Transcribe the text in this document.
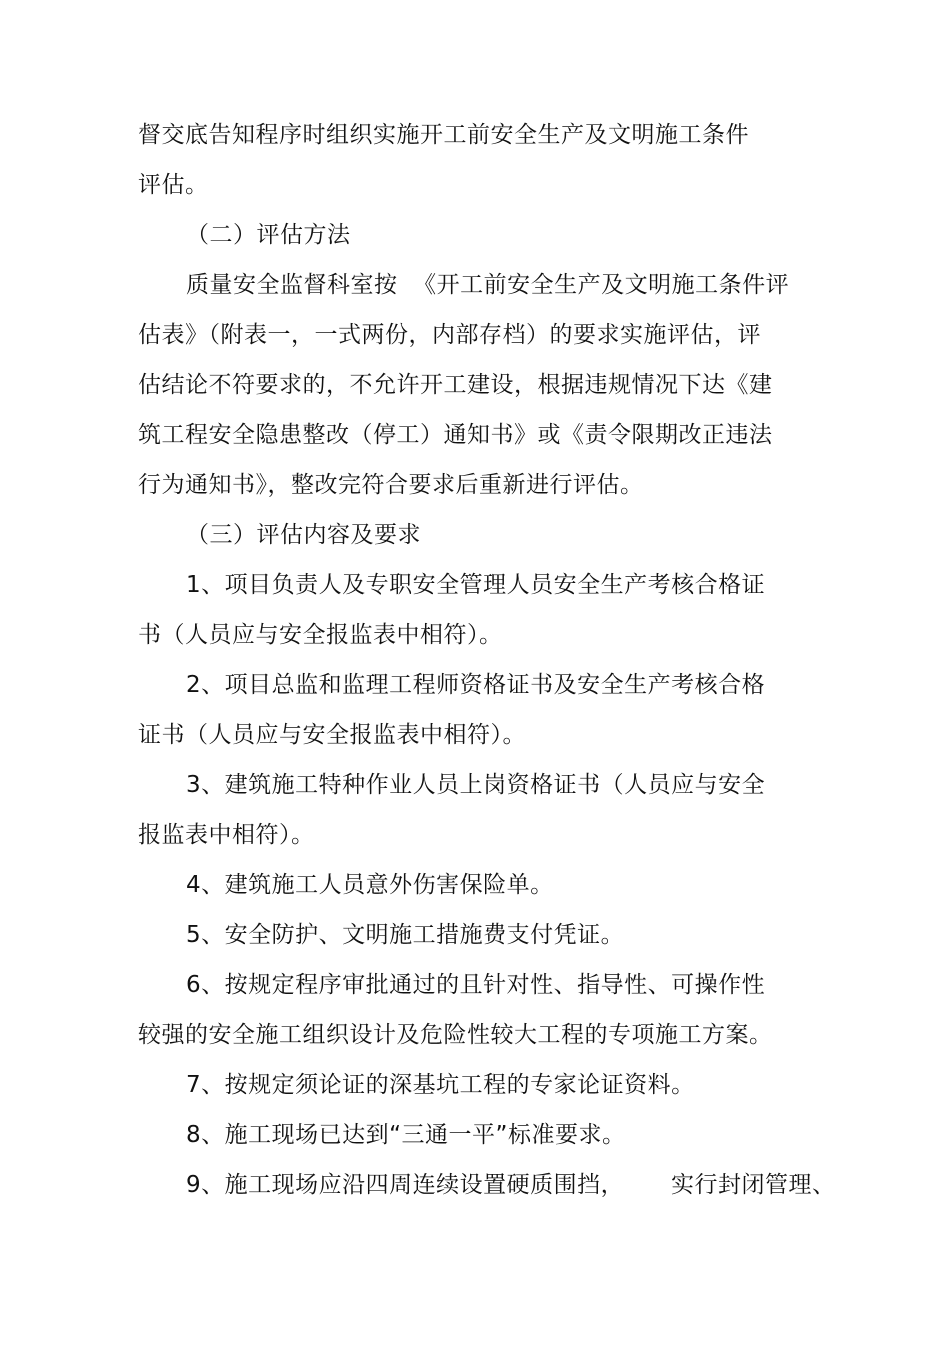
督交底告知程序时组织实施开工前安全生产及文明施工条件
评估。
（二）评估方法
质量安全监督科室按  《开工前安全生产及文明施工条件评
估表》（附表一，一式两份，内部存档）的要求实施评估，评
估结论不符要求的，不允许开工建设，根据违规情况下达《建
筑工程安全隐患整改（停工）通知书》或《责令限期改正违法
行为通知书》，整改完符合要求后重新进行评估。
（三）评估内容及要求
1、项目负责人及专职安全管理人员安全生产考核合格证
书（人员应与安全报监表中相符）。
2、项目总监和监理工程师资格证书及安全生产考核合格
证书（人员应与安全报监表中相符）。
3、建筑施工特种作业人员上岗资格证书（人员应与安全
报监表中相符）。
4、建筑施工人员意外伤害保险单。
5、安全防护、文明施工措施费支付凭证。
6、按规定程序审批通过的且针对性、指导性、可操作性
较强的安全施工组织设计及危险性较大工程的专项施工方案。
7、按规定须论证的深基坑工程的专家论证资料。
8、施工现场已达到“三通一平”标准要求。
9、施工现场应沿四周连续设置硬质围挡，      实行封闭管理、
